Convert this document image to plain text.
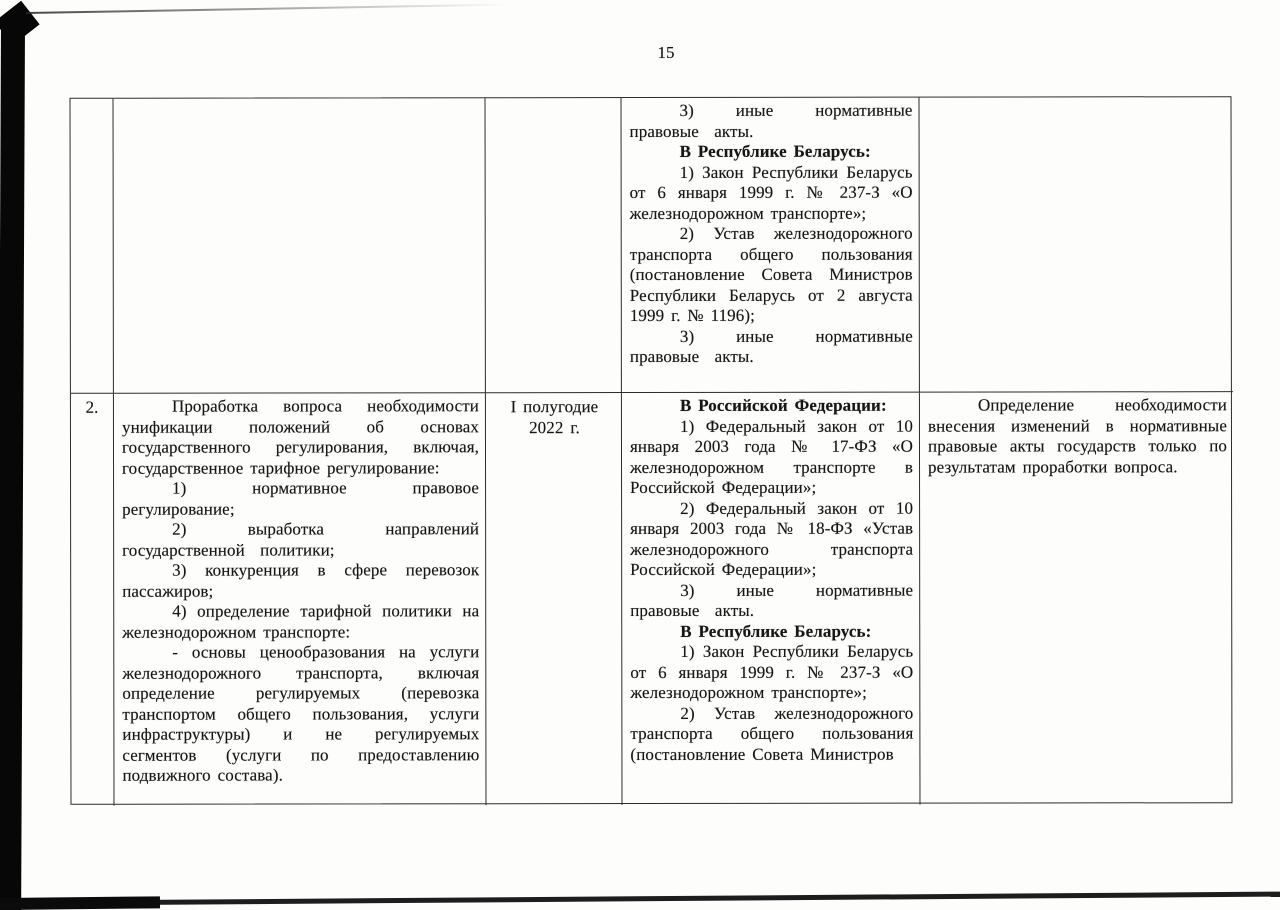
15

3) иные нормативные правовые акты.

В Республике Беларусь:

1) Закон Республики Беларусь от 6 января 1999 г. № 237-З «О железнодорожном транспорте»;

2) Устав железнодорожного транспорта общего пользования (постановление Совета Министров Республики Беларусь от 2 августа 1999 г. № 1196);

3) иные нормативные правовые акты.

2.	Проработка вопроса необходимости унификации положений об основах государственного регулирования, включая, государственное тарифное регулирование:

1) нормативное правовое регулирование;

2) выработка направлений государственной политики;

3) конкуренция в сфере перевозок пассажиров;

4) определение тарифной политики на железнодорожном транспорте:

- основы ценообразования на услуги железнодорожного транспорта, включая определение регулируемых (перевозка транспортом общего пользования, услуги инфраструктуры) и не регулируемых сегментов (услуги по предоставлению подвижного состава).

I полугодие

2022 г.

В Российской Федерации:

1) Федеральный закон от 10 января 2003 года № 17-ФЗ «О железнодорожном транспорте в Российской Федерации»;

2) Федеральный закон от 10 января 2003 года № 18-ФЗ «Устав железнодорожного транспорта Российской Федерации»;

3) иные нормативные правовые акты.

В Республике Беларусь:

1) Закон Республики Беларусь от 6 января 1999 г. № 237-З «О железнодорожном транспорте»;

2) Устав железнодорожного транспорта общего пользования (постановление Совета Министров

Определение необходимости внесения изменений в нормативные правовые акты государств только по результатам проработки вопроса.
